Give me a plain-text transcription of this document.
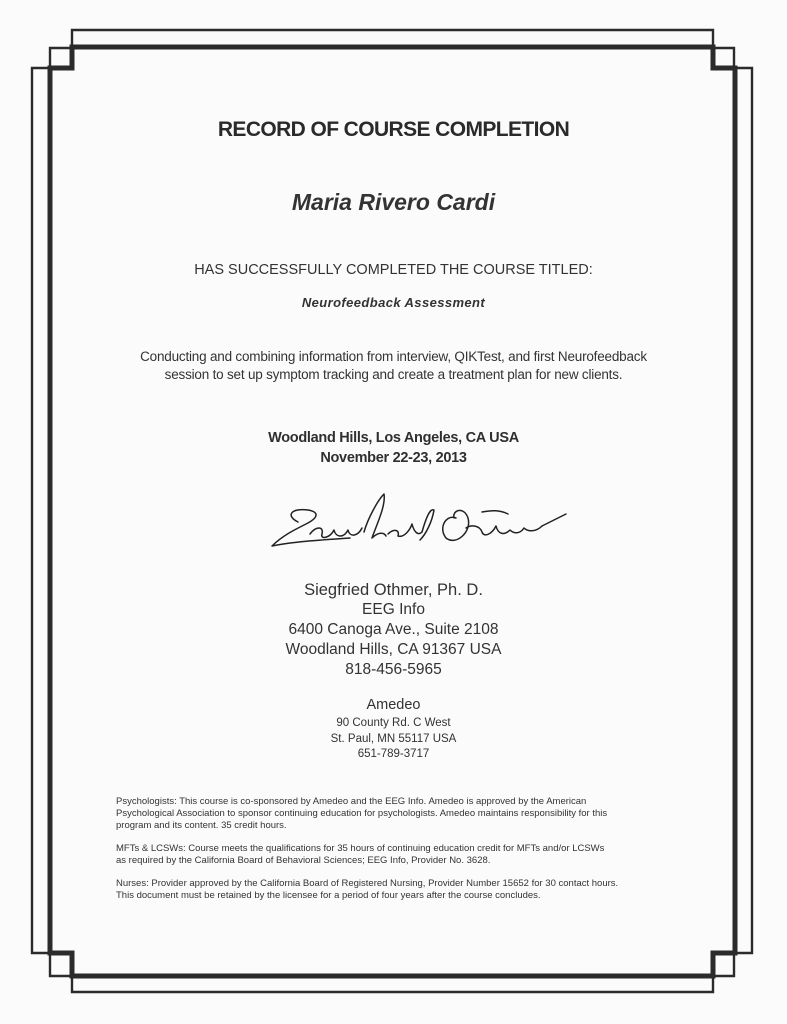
RECORD OF COURSE COMPLETION
Maria Rivero Cardi
HAS SUCCESSFULLY COMPLETED THE COURSE TITLED:
Neurofeedback Assessment
Conducting and combining information from interview, QIKTest, and first Neurofeedback
session to set up symptom tracking and create a treatment plan for new clients.
Woodland Hills, Los Angeles, CA USA
November 22-23, 2013
Siegfried Othmer, Ph. D.
EEG Info
6400 Canoga Ave., Suite 2108
Woodland Hills, CA 91367 USA
818-456-5965
Amedeo
90 County Rd. C West
St. Paul, MN 55117 USA
651-789-3717

Psychologists: This course is co-sponsored by Amedeo and the EEG Info. Amedeo is approved by the American
Psychological Association to sponsor continuing education for psychologists. Amedeo maintains responsibility for this
program and its content. 35 credit hours.

MFTs & LCSWs: Course meets the qualifications for 35 hours of continuing education credit for MFTs and/or LCSWs
as required by the California Board of Behavioral Sciences; EEG Info, Provider No. 3628.

Nurses: Provider approved by the California Board of Registered Nursing, Provider Number 15652 for 30 contact hours.
This document must be retained by the licensee for a period of four years after the course concludes.
